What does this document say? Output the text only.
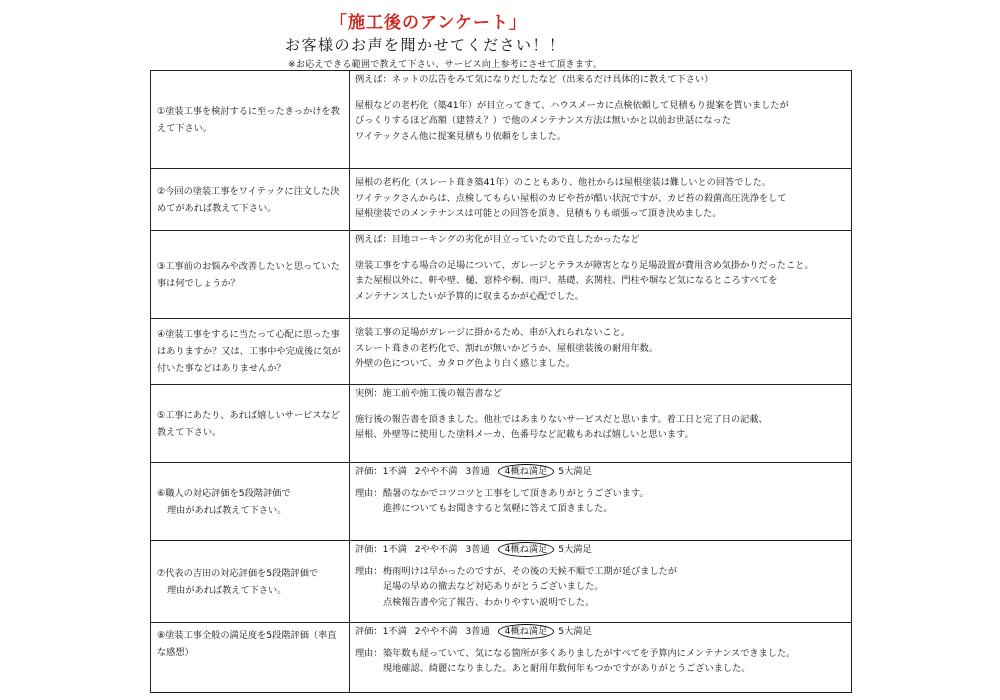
「施工後のアンケート」
お客様のお声を聞かせてください！！
※お応えできる範囲で教えて下さい、サービス向上参考にさせて頂きます。
①塗装工事を検討するに至ったきっかけを教えて下さい。	例えば：ネットの広告をみて気になりだしたなど（出来るだけ具体的に教えて下さい）
屋根などの老朽化（築41年）が目立ってきて、ハウスメーカに点検依頼して見積もり提案を貰いましたが
びっくりするほど高額（建替え？）で他のメンテナンス方法は無いかと以前お世話になった
ワイテックさん他に提案見積もり依頼をしました。

②今回の塗装工事をワイテックに注文した決めてがあれば教えて下さい。	屋根の老朽化（スレート葺き築41年）のこともあり、他社からは屋根塗装は難しいとの回答でした。
ワイテックさんからは、点検してもらい屋根のカビや苔が酷い状況ですが、カビ苔の殺菌高圧洗浄をして
屋根塗装でのメンテナンスは可能との回答を頂き、見積もりも頑張って頂き決めました。

③工事前のお悩みや改善したいと思っていた事は何でしょうか？	例えば：目地コーキングの劣化が目立っていたので直したかったなど
塗装工事をする場合の足場について、ガレージとテラスが障害となり足場設置が費用含め気掛かりだったこと。
また屋根以外に、軒や壁、樋、窓枠や桐、雨戸、基礎、玄関柱、門柱や塀など気になるところすべてを
メンテナンスしたいが予算的に収まるかが心配でした。

④塗装工事をするに当たって心配に思った事はありますか？又は、工事中や完成後に気が付いた事などはありませんか？	塗装工事の足場がガレージに掛かるため、車が入れられないこと。
スレート葺きの老朽化で、割れが無いかどうか、屋根塗装後の耐用年数。
外壁の色について、カタログ色より白く感じました。

⑤工事にあたり、あれば嬉しいサービスなど教えて下さい。	実例：施工前や施工後の報告書など
施行後の報告書を頂きました。他社ではあまりないサービスだと思います。着工日と完了日の記載、
屋根、外壁等に使用した塗料メーカ、色番号など記載もあれば嬉しいと思います。

⑥職人の対応評価を5段階評価で
理由があれば教えて下さい。	評価：1不満 2やや不満 3普通 4概ね満足 5大満足
理由：酷暑のなかでコツコツと工事をして頂きありがとうございます。
進捗についてもお聞きすると気軽に答えて頂きました。

⑦代表の吉田の対応評価を5段階評価で
理由があれば教えて下さい。	評価：1不満 2やや不満 3普通 4概ね満足 5大満足
理由：梅雨明けは早かったのですが、その後の天候不順で工期が延びましたが
足場の早めの撤去など対応ありがとうございました。
点検報告書や完了報告、わかりやすい説明でした。

⑧塗装工事全般の満足度を5段階評価（率直な感想）	評価：1不満 2やや不満 3普通 4概ね満足 5大満足
理由：築年数も経っていて、気になる箇所が多くありましたがすべてを予算内にメンテナンスできました。
現地確認、綺麗になりました。あと耐用年数何年もつかですがありがとうございました。
